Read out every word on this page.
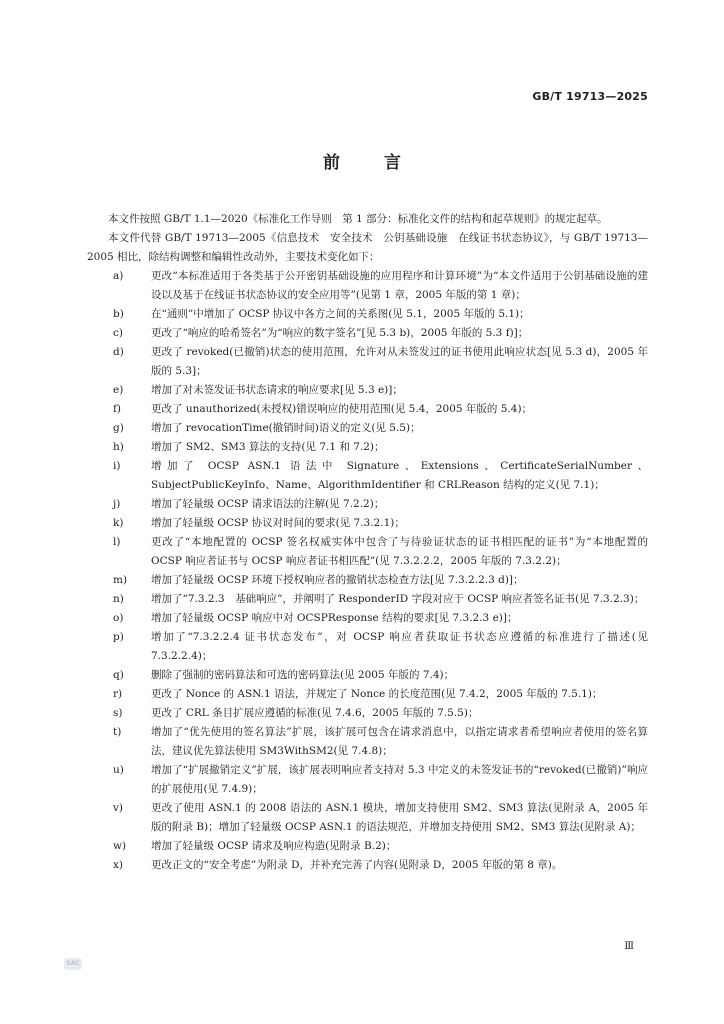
GB/T 19713—2025
前言

本文件按照 GB/T 1.1—2020《标准化工作导则　第 1 部分：标准化文件的结构和起草规则》的规定起草。

本文件代替 GB/T 19713—2005《信息技术　安全技术　公钥基础设施　在线证书状态协议》，与 GB/T 19713—2005 相比，除结构调整和编辑性改动外，主要技术变化如下：

a)	更改“本标准适用于各类基于公开密钥基础设施的应用程序和计算环境”为“本文件适用于公钥基础设施的建设以及基于在线证书状态协议的安全应用等”(见第 1 章，2005 年版的第 1 章)；
b)	在“通则”中增加了 OCSP 协议中各方之间的关系图(见 5.1，2005 年版的 5.1)；
c)	更改了“响应的哈希签名”为“响应的数字签名”[见 5.3 b)，2005 年版的 5.3 f)]；
d)	更改了 revoked(已撤销)状态的使用范围，允许对从未签发过的证书使用此响应状态[见 5.3 d)，2005 年版的 5.3]；
e)	增加了对未签发证书状态请求的响应要求[见 5.3 e)]；
f)	更改了 unauthorized(未授权)错误响应的使用范围(见 5.4，2005 年版的 5.4)；
g)	增加了 revocationTime(撤销时间)语义的定义(见 5.5)；
h)	增加了 SM2、SM3 算法的支持(见 7.1 和 7.2)；
i)	增加了 OCSP ASN.1 语法中 Signature、Extensions、CertificateSerialNumber、SubjectPublicKeyInfo、Name、AlgorithmIdentifier 和 CRLReason 结构的定义(见 7.1)；
j)	增加了轻量级 OCSP 请求语法的注解(见 7.2.2)；
k)	增加了轻量级 OCSP 协议对时间的要求(见 7.3.2.1)；
l)	更改了“本地配置的 OCSP 签名权威实体中包含了与待验证状态的证书相匹配的证书”为“本地配置的 OCSP 响应者证书与 OCSP 响应者证书相匹配”(见 7.3.2.2.2，2005 年版的 7.3.2.2)；
m)	增加了轻量级 OCSP 环境下授权响应者的撤销状态检查方法[见 7.3.2.2.3 d)]；
n)	增加了“7.3.2.3　基础响应”，并阐明了 ResponderID 字段对应于 OCSP 响应者签名证书(见 7.3.2.3)；
o)	增加了轻量级 OCSP 响应中对 OCSPResponse 结构的要求[见 7.3.2.3 e)]；
p)	增加了“7.3.2.2.4 证书状态发布”，对 OCSP 响应者获取证书状态应遵循的标准进行了描述(见 7.3.2.2.4)；
q)	删除了强制的密码算法和可选的密码算法(见 2005 年版的 7.4)；
r)	更改了 Nonce 的 ASN.1 语法，并规定了 Nonce 的长度范围(见 7.4.2，2005 年版的 7.5.1)；
s)	更改了 CRL 条目扩展应遵循的标准(见 7.4.6，2005 年版的 7.5.5)；
t)	增加了“优先使用的签名算法”扩展，该扩展可包含在请求消息中，以指定请求者希望响应者使用的签名算法，建议优先算法使用 SM3WithSM2(见 7.4.8)；
u)	增加了“扩展撤销定义”扩展，该扩展表明响应者支持对 5.3 中定义的未签发证书的“revoked(已撤销)”响应的扩展使用(见 7.4.9)；
v)	更改了使用 ASN.1 的 2008 语法的 ASN.1 模块，增加支持使用 SM2、SM3 算法(见附录 A，2005 年版的附录 B)；增加了轻量级 OCSP ASN.1 的语法规范，并增加支持使用 SM2、SM3 算法(见附录 A)；
w)	增加了轻量级 OCSP 请求及响应构造(见附录 B.2)；
x)	更改正文的“安全考虑”为附录 D，并补充完善了内容(见附录 D，2005 年版的第 8 章)。
Ⅲ
SAC
